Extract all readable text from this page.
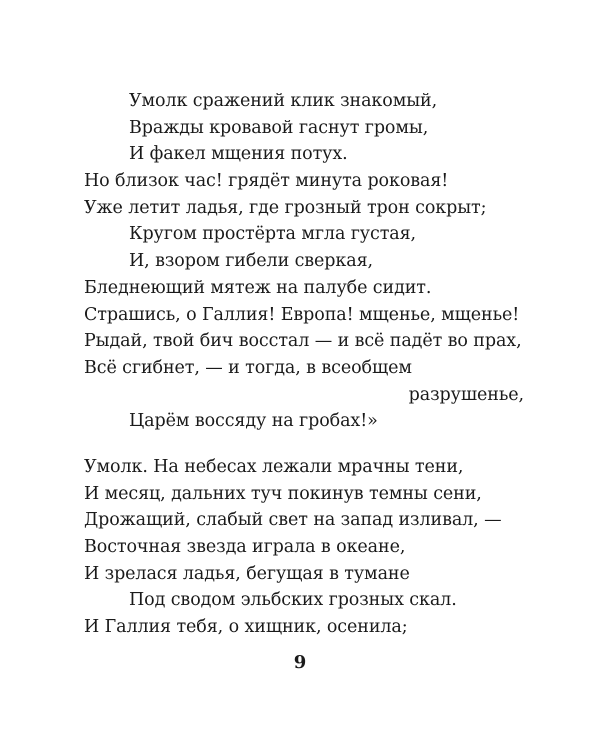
Умолк сражений клик знакомый,
Вражды кровавой гаснут громы,
И факел мщения потух.
Но близок час! грядёт минута роковая!
Уже летит ладья, где грозный трон сокрыт;
Кругом простёрта мгла густая,
И, взором гибели сверкая,
Бледнеющий мятеж на палубе сидит.
Страшись, о Галлия! Европа! мщенье, мщенье!
Рыдай, твой бич восстал — и всё падёт во прах,
Всё сгибнет, — и тогда, в всеобщем
разрушенье,
Царём воссяду на гробах!»
Умолк. На небесах лежали мрачны тени,
И месяц, дальних туч покинув темны сени,
Дрожащий, слабый свет на запад изливал, —
Восточная звезда играла в океане,
И зрелася ладья, бегущая в тумане
Под сводом эльбских грозных скал.
И Галлия тебя, о хищник, осенила;
9
